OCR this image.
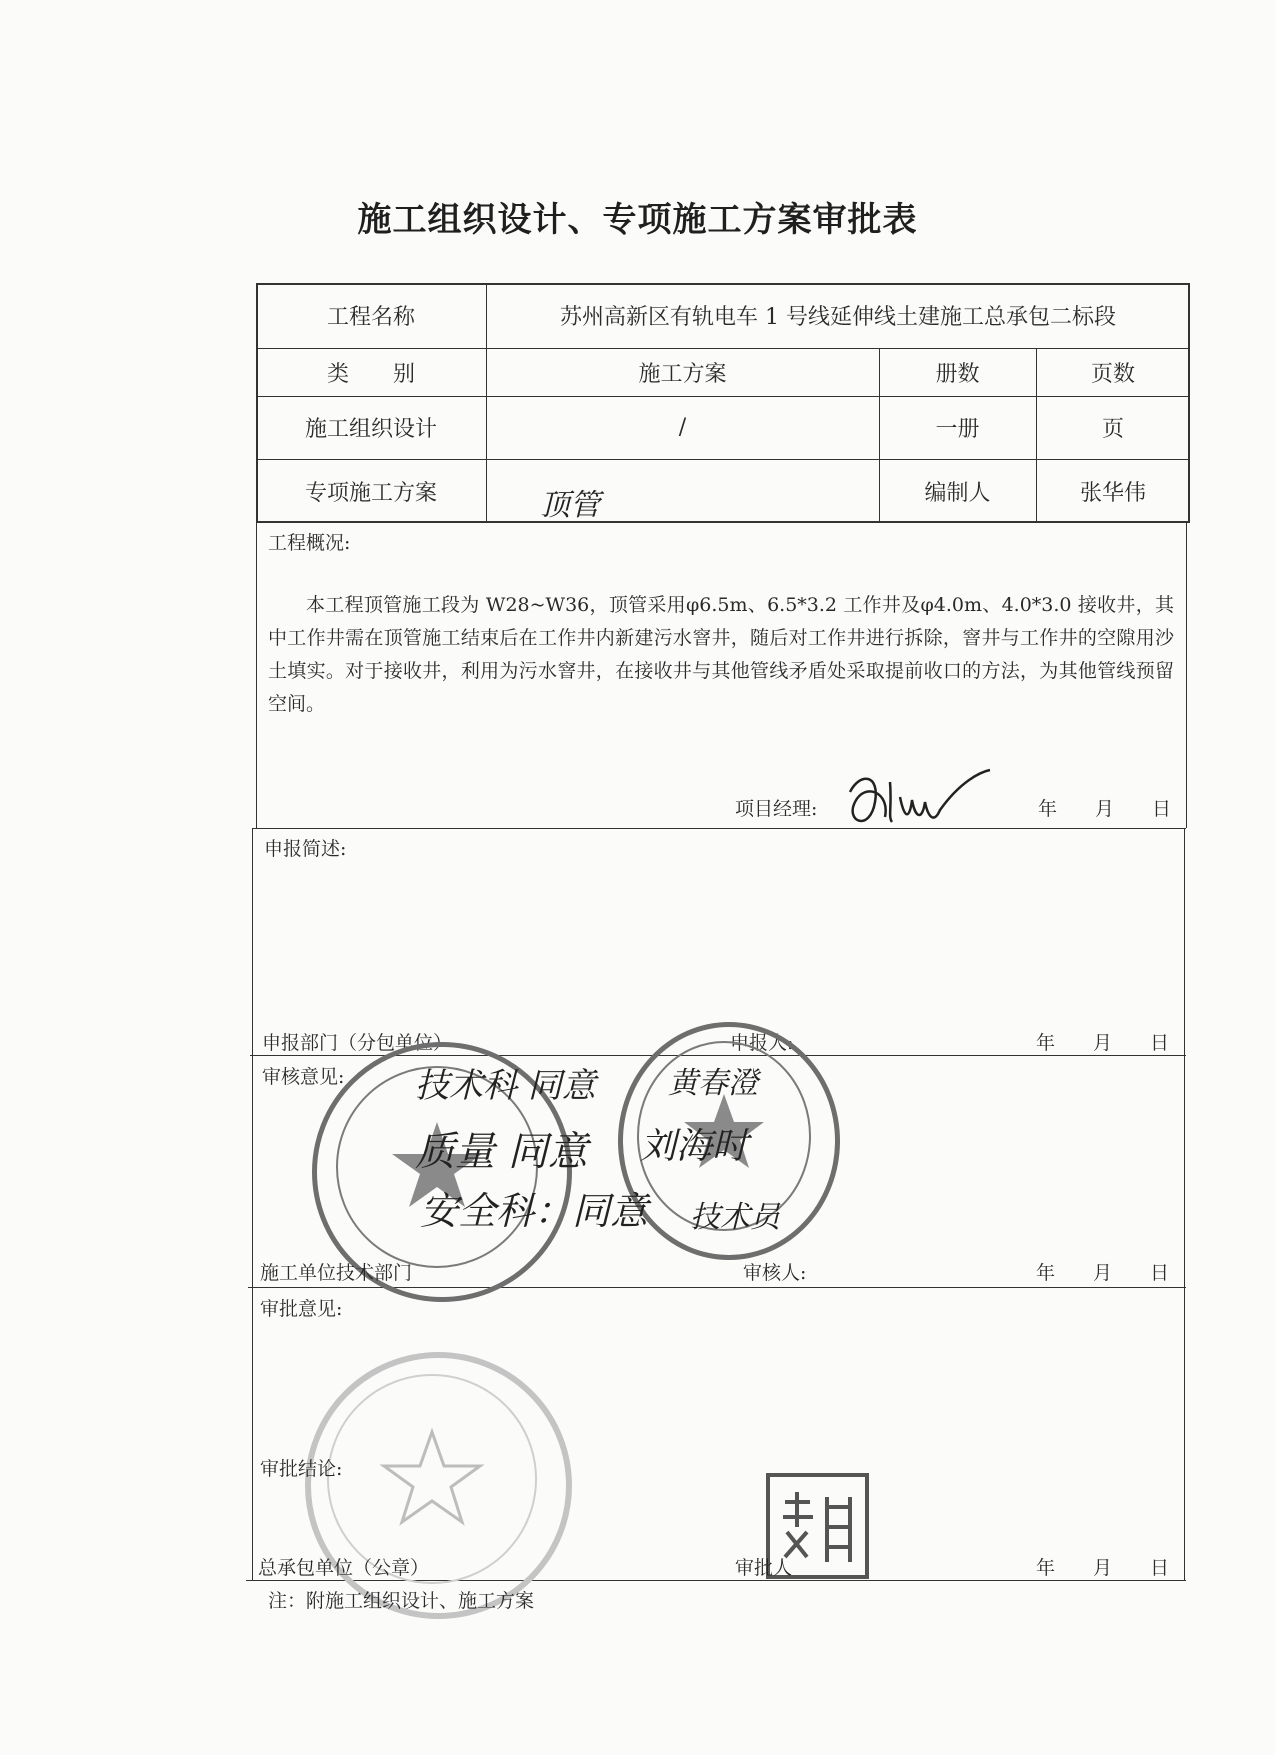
施工组织设计、专项施工方案审批表
工程名称	苏州高新区有轨电车 1 号线延伸线土建施工总承包二标段
类　　别	施工方案	册数	页数
施工组织设计	/	一册	页
专项施工方案	顶管	编制人	张华伟
工程概况:
本工程顶管施工段为 W28~W36，顶管采用φ6.5m、6.5*3.2 工作井及φ4.0m、4.0*3.0 接收井，其中工作井需在顶管施工结束后在工作井内新建污水窨井，随后对工作井进行拆除，窨井与工作井的空隙用沙土填实。对于接收井，利用为污水窨井，在接收井与其他管线矛盾处采取提前收口的方法，为其他管线预留空间。
项目经理:	年　　月　　日
申报简述:
申报部门（分包单位）	申报人:	年　　月　　日
审核意见: 技术科 同意 黄春澄
质量 同意 刘海时
安全科：同意 技术员
施工单位技术部门	审核人:	年　　月　　日
审批意见:
审批结论:
总承包单位（公章）	审批人	年　　月　　日
注：附施工组织设计、施工方案
